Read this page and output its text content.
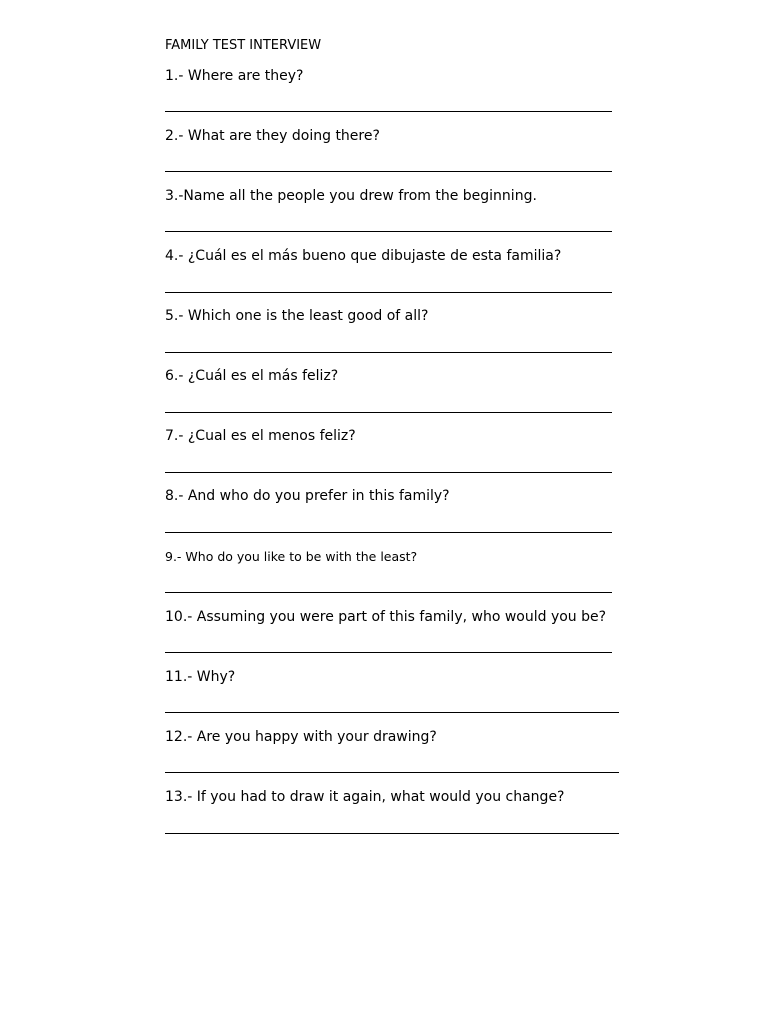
FAMILY TEST INTERVIEW
1.- Where are they?
2.- What are they doing there?
3.-Name all the people you drew from the beginning.
4.- ¿Cuál es el más bueno que dibujaste de esta familia?
5.- Which one is the least good of all?
6.- ¿Cuál es el más feliz?
7.- ¿Cual es el menos feliz?
8.- And who do you prefer in this family?
9.- Who do you like to be with the least?
10.- Assuming you were part of this family, who would you be?
11.- Why?
12.- Are you happy with your drawing?
13.- If you had to draw it again, what would you change?
